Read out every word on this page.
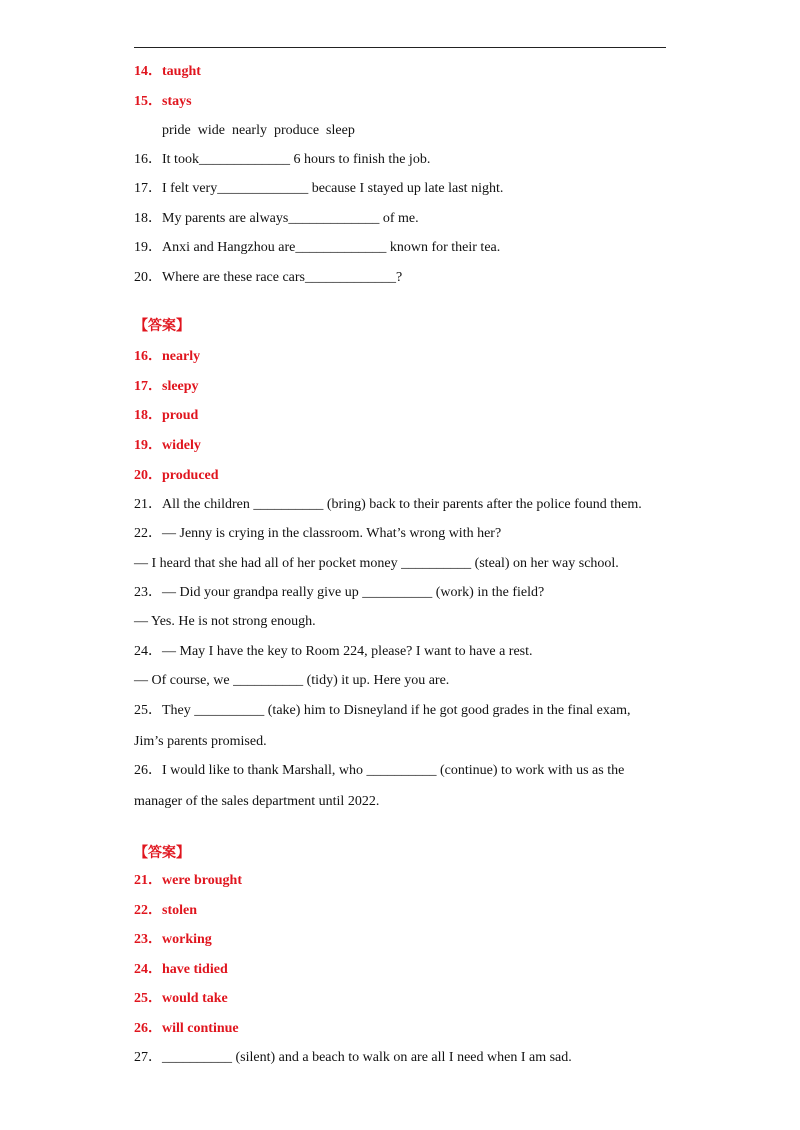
14．taught
15．stays
pride  wide  nearly  produce  sleep
16．It took_____________ 6 hours to finish the job.
17．I felt very_____________ because I stayed up late last night.
18．My parents are always_____________ of me.
19．Anxi and Hangzhou are_____________ known for their tea.
20．Where are these race cars_____________?
【答案】
16．nearly
17．sleepy
18．proud
19．widely
20．produced
21．All the children __________ (bring) back to their parents after the police found them.
22．— Jenny is crying in the classroom. What’s wrong with her?
— I heard that she had all of her pocket money __________ (steal) on her way school.
23．— Did your grandpa really give up __________ (work) in the field?
— Yes. He is not strong enough.
24．— May I have the key to Room 224, please? I want to have a rest.
— Of course, we __________ (tidy) it up. Here you are.
25．They __________ (take) him to Disneyland if he got good grades in the final exam,
Jim’s parents promised.
26．I would like to thank Marshall, who __________ (continue) to work with us as the
manager of the sales department until 2022.
【答案】
21．were brought
22．stolen
23．working
24．have tidied
25．would take
26．will continue
27．__________ (silent) and a beach to walk on are all I need when I am sad.
